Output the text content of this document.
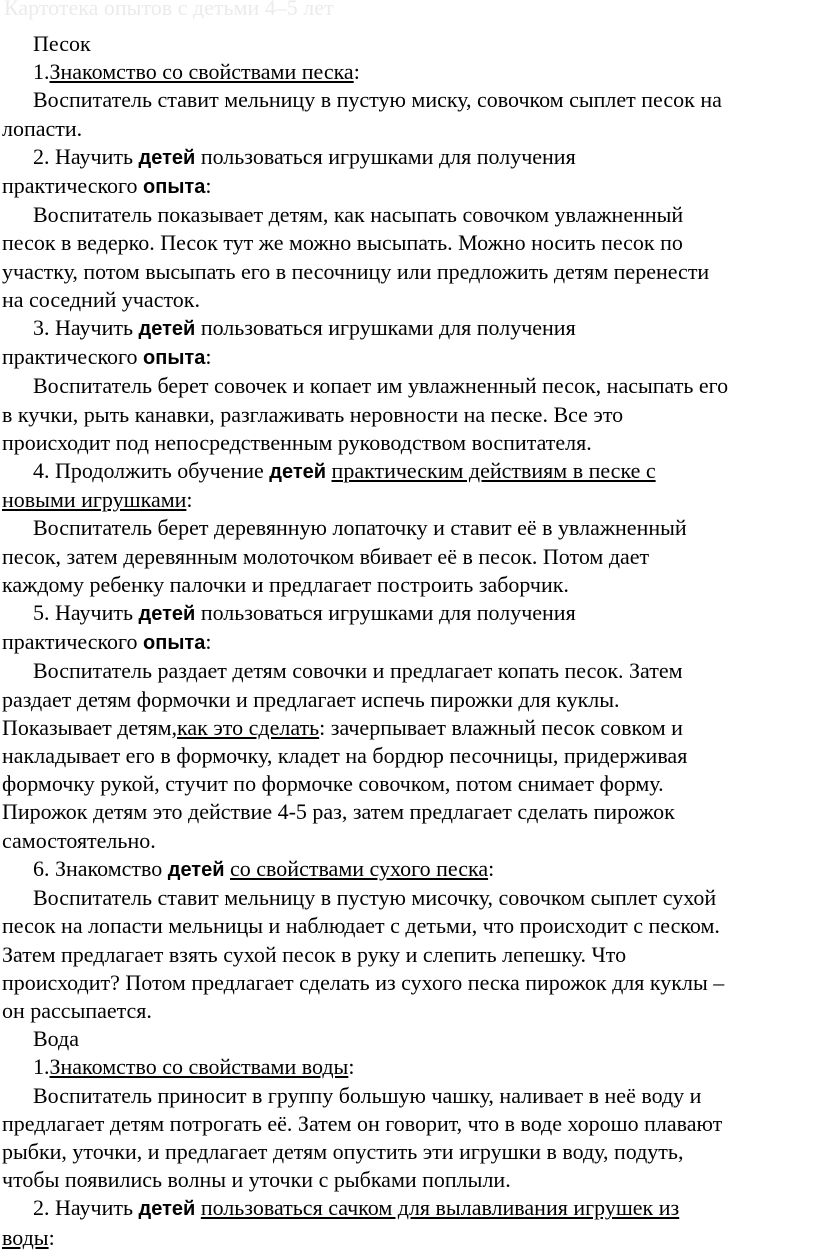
Картотека опытов с детьми 4–5 лет

Песок

1.Знакомство со свойствами песка:

Воспитатель ставит мельницу в пустую миску, совочком сыплет песок на

лопасти.

2. Научить детей пользоваться игрушками для получения

практического опыта:

Воспитатель показывает детям, как насыпать совочком увлажненный

песок в ведерко. Песок тут же можно высыпать. Можно носить песок по

участку, потом высыпать его в песочницу или предложить детям перенести

на соседний участок.

3. Научить детей пользоваться игрушками для получения

практического опыта:

Воспитатель берет совочек и копает им увлажненный песок, насыпать его

в кучки, рыть канавки, разглаживать неровности на песке. Все это

происходит под непосредственным руководством воспитателя.

4. Продолжить обучение детей практическим действиям в песке с

новыми игрушками:

Воспитатель берет деревянную лопаточку и ставит её в увлажненный

песок, затем деревянным молоточком вбивает её в песок. Потом дает

каждому ребенку палочки и предлагает построить заборчик.

5. Научить детей пользоваться игрушками для получения

практического опыта:

Воспитатель раздает детям совочки и предлагает копать песок. Затем

раздает детям формочки и предлагает испечь пирожки для куклы.

Показывает детям,как это сделать: зачерпывает влажный песок совком и

накладывает его в формочку, кладет на бордюр песочницы, придерживая

формочку рукой, стучит по формочке совочком, потом снимает форму.

Пирожок детям это действие 4-5 раз, затем предлагает сделать пирожок

самостоятельно.

6. Знакомство детей со свойствами сухого песка:

Воспитатель ставит мельницу в пустую мисочку, совочком сыплет сухой

песок на лопасти мельницы и наблюдает с детьми, что происходит с песком.

Затем предлагает взять сухой песок в руку и слепить лепешку. Что

происходит? Потом предлагает сделать из сухого песка пирожок для куклы –

он рассыпается.

Вода

1.Знакомство со свойствами воды:

Воспитатель приносит в группу большую чашку, наливает в неё воду и

предлагает детям потрогать её. Затем он говорит, что в воде хорошо плавают

рыбки, уточки, и предлагает детям опустить эти игрушки в воду, подуть,

чтобы появились волны и уточки с рыбками поплыли.

2. Научить детей пользоваться сачком для вылавливания игрушек из

воды:
